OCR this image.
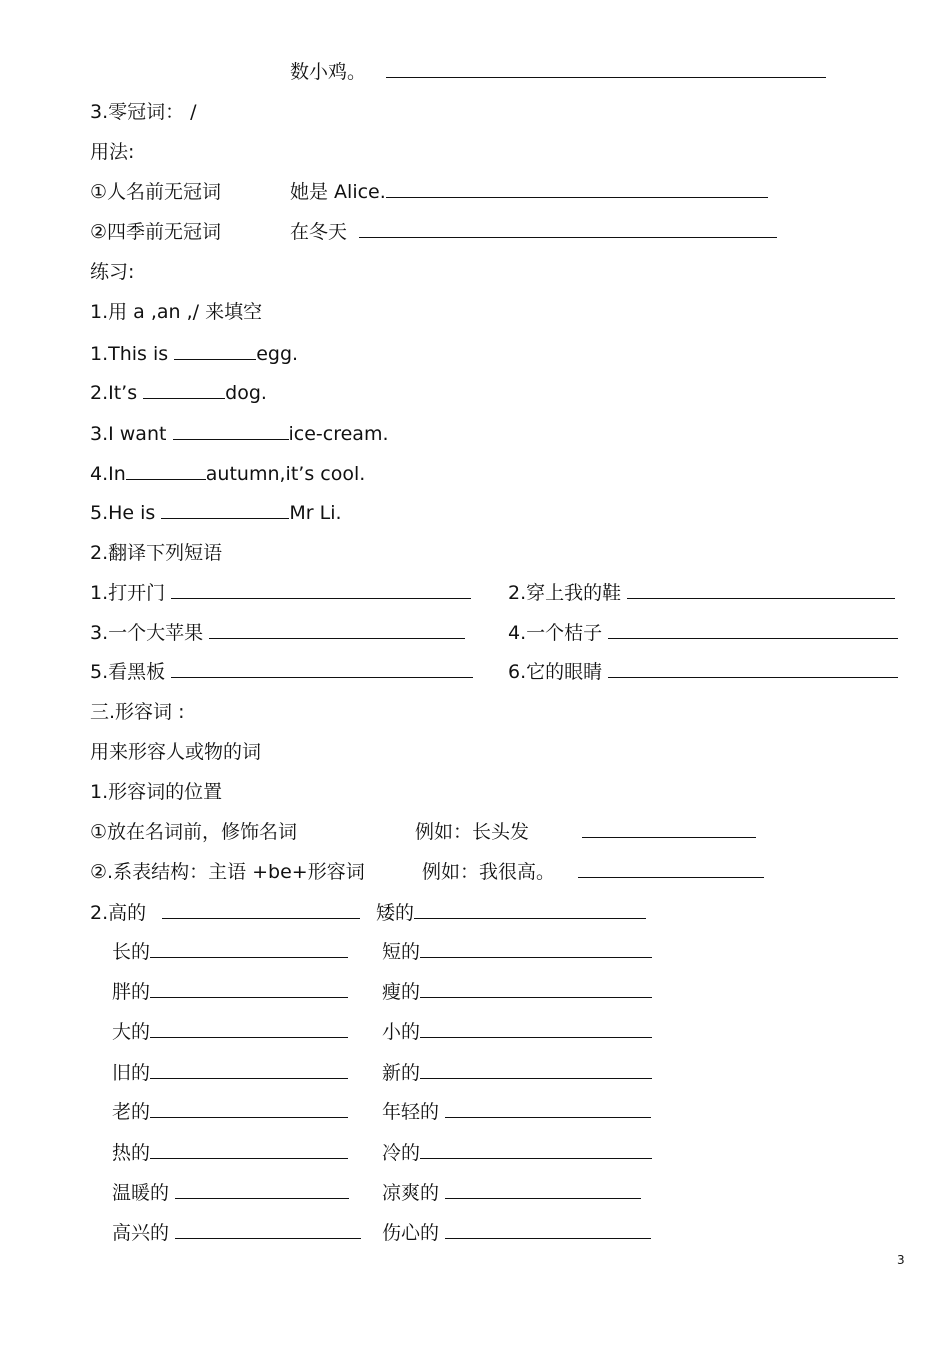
数小鸡。
3.零冠词： /
用法:
①人名前无冠词	她是 Alice.
②四季前无冠词	在冬天
练习:
1.用 a ,an ,/ 来填空
1.This is	egg.
2.It’s	dog.
3.I want	ice-cream.
4.In	autumn,it’s cool.
5.He is	Mr Li.
2.翻译下列短语
1.打开门	2.穿上我的鞋
3.一个大苹果	4.一个桔子
5.看黑板	6.它的眼睛
三.形容词 :
用来形容人或物的词
1.形容词的位置
①放在名词前，修饰名词	例如：长头发
②.系表结构：主语 +be+形容词	例如：我很高。
2.高的	矮的
长的	短的
胖的	瘦的
大的	小的
旧的	新的
老的	年轻的
热的	冷的
温暖的	凉爽的
高兴的	伤心的
3
